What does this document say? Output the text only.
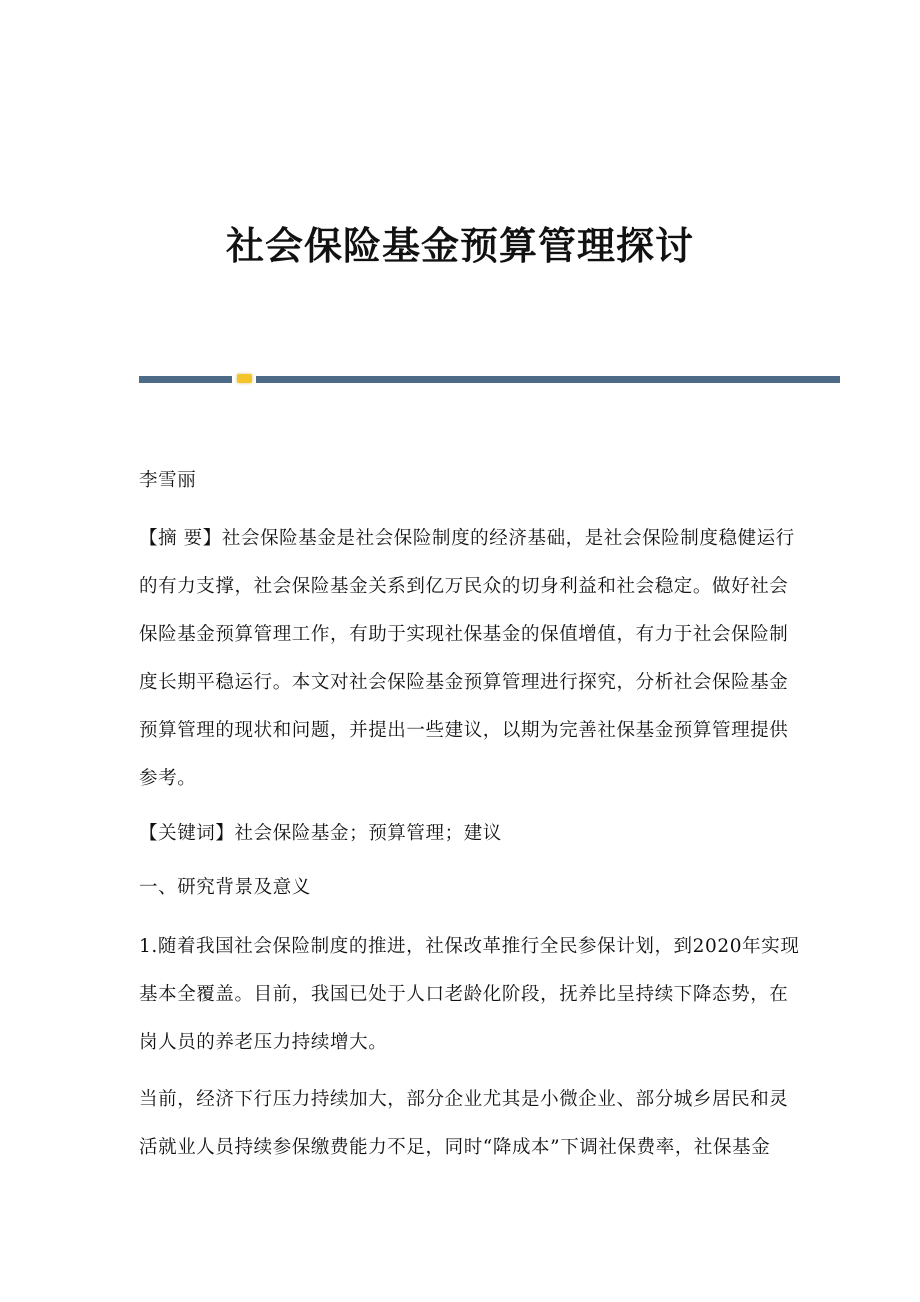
社会保险基金预算管理探讨
李雪丽
【摘 要】社会保险基金是社会保险制度的经济基础，是社会保险制度稳健运行
的有力支撑，社会保险基金关系到亿万民众的切身利益和社会稳定。做好社会
保险基金预算管理工作，有助于实现社保基金的保值增值，有力于社会保险制
度长期平稳运行。本文对社会保险基金预算管理进行探究，分析社会保险基金
预算管理的现状和问题，并提出一些建议，以期为完善社保基金预算管理提供
参考。
【关键词】社会保险基金；预算管理；建议
一、研究背景及意义
1.随着我国社会保险制度的推进，社保改革推行全民参保计划，到2020年实现
基本全覆盖。目前，我国已处于人口老龄化阶段，抚养比呈持续下降态势，在
岗人员的养老压力持续增大。
当前，经济下行压力持续加大，部分企业尤其是小微企业、部分城乡居民和灵
活就业人员持续参保缴费能力不足，同时“降成本”下调社保费率，社保基金
